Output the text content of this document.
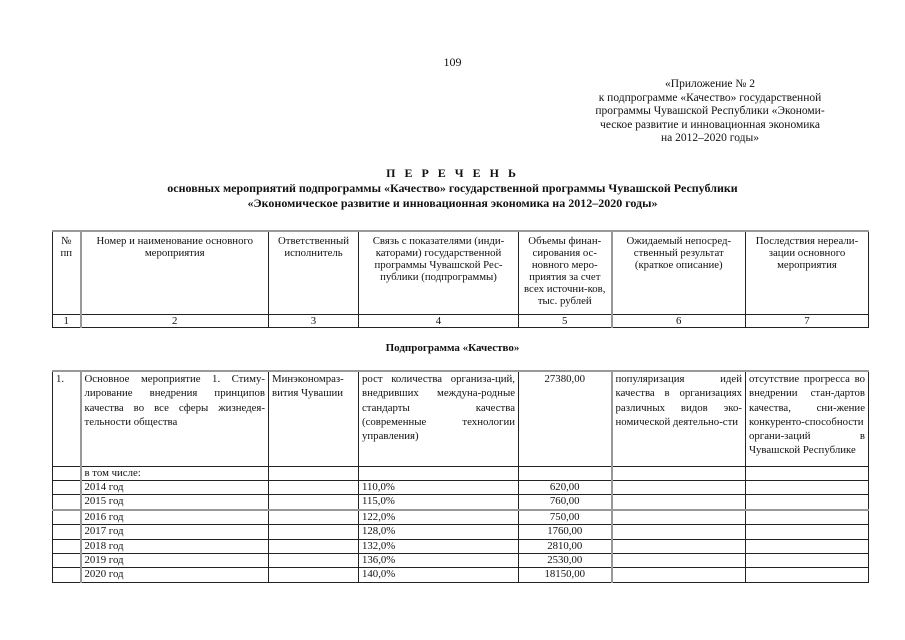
109
«Приложение № 2
к подпрограмме «Качество» государственной
программы Чувашской Республики «Экономи-
ческое развитие и инновационная экономика
на 2012–2020 годы»
П Е Р Е Ч Е Н Ь
основных мероприятий подпрограммы «Качество» государственной программы Чувашской Республики
«Экономическое развитие и инновационная экономика на 2012–2020 годы»
№ пп	Номер и наименование основного мероприятия	Ответственный исполнитель	Связь с показателями (инди-каторами) государственной программы Чувашской Рес-публики (подпрограммы)	Объемы финан-сирования ос-новного меро-приятия за счет всех источни-ков, тыс. рублей	Ожидаемый непосред-ственный результат (краткое описание)	Последствия нереали-зации основного мероприятия
1	2	3	4	5	6	7
Подпрограмма «Качество»
1.	Основное мероприятие 1. Стиму-лирование внедрения принципов качества во все сферы жизнедея-тельности общества	Минэкономраз-вития Чувашии	рост количества организа-ций, внедривших междуна-родные стандарты качества (современные технологии управления)	27380,00	популяризация идей качества в организациях различных видов эко-номической деятельно-сти	отсутствие прогресса во внедрении стан-дартов качества, сни-жение конкуренто-способности органи-заций в Чувашской Республике
	в том числе:					
	2014 год		110,0%	620,00		
	2015 год		115,0%	760,00		
	2016 год		122,0%	750,00		
	2017 год		128,0%	1760,00		
	2018 год		132,0%	2810,00		
	2019 год		136,0%	2530,00		
	2020 год		140,0%	18150,00		
